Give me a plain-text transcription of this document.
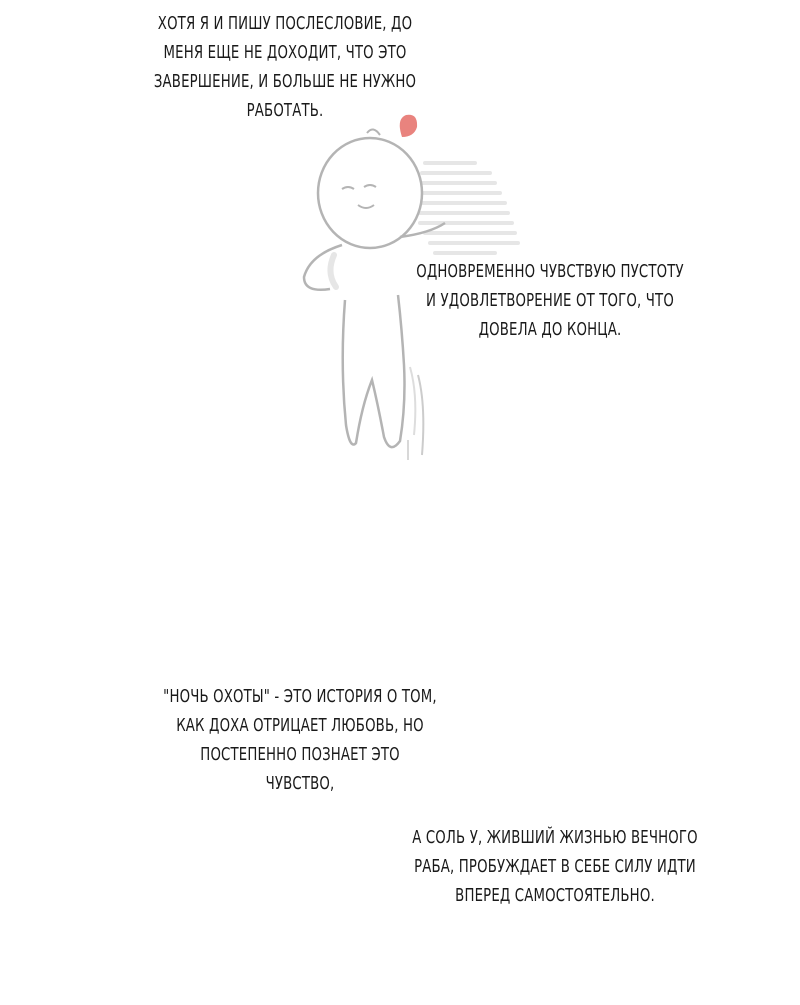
ХОТЯ Я И ПИШУ ПОСЛЕСЛОВИЕ, ДО
МЕНЯ ЕЩЕ НЕ ДОХОДИТ, ЧТО ЭТО
ЗАВЕРШЕНИЕ, И БОЛЬШЕ НЕ НУЖНО
РАБОТАТЬ.

ОДНОВРЕМЕННО ЧУВСТВУЮ ПУСТОТУ
И УДОВЛЕТВОРЕНИЕ ОТ ТОГО, ЧТО
ДОВЕЛА ДО КОНЦА.

"НОЧЬ ОХОТЫ" - ЭТО ИСТОРИЯ О ТОМ,
КАК ДОХА ОТРИЦАЕТ ЛЮБОВЬ, НО
ПОСТЕПЕННО ПОЗНАЕТ ЭТО
ЧУВСТВО,

А СОЛЬ У, ЖИВШИЙ ЖИЗНЬЮ ВЕЧНОГО
РАБА, ПРОБУЖДАЕТ В СЕБЕ СИЛУ ИДТИ
ВПЕРЕД САМОСТОЯТЕЛЬНО.
